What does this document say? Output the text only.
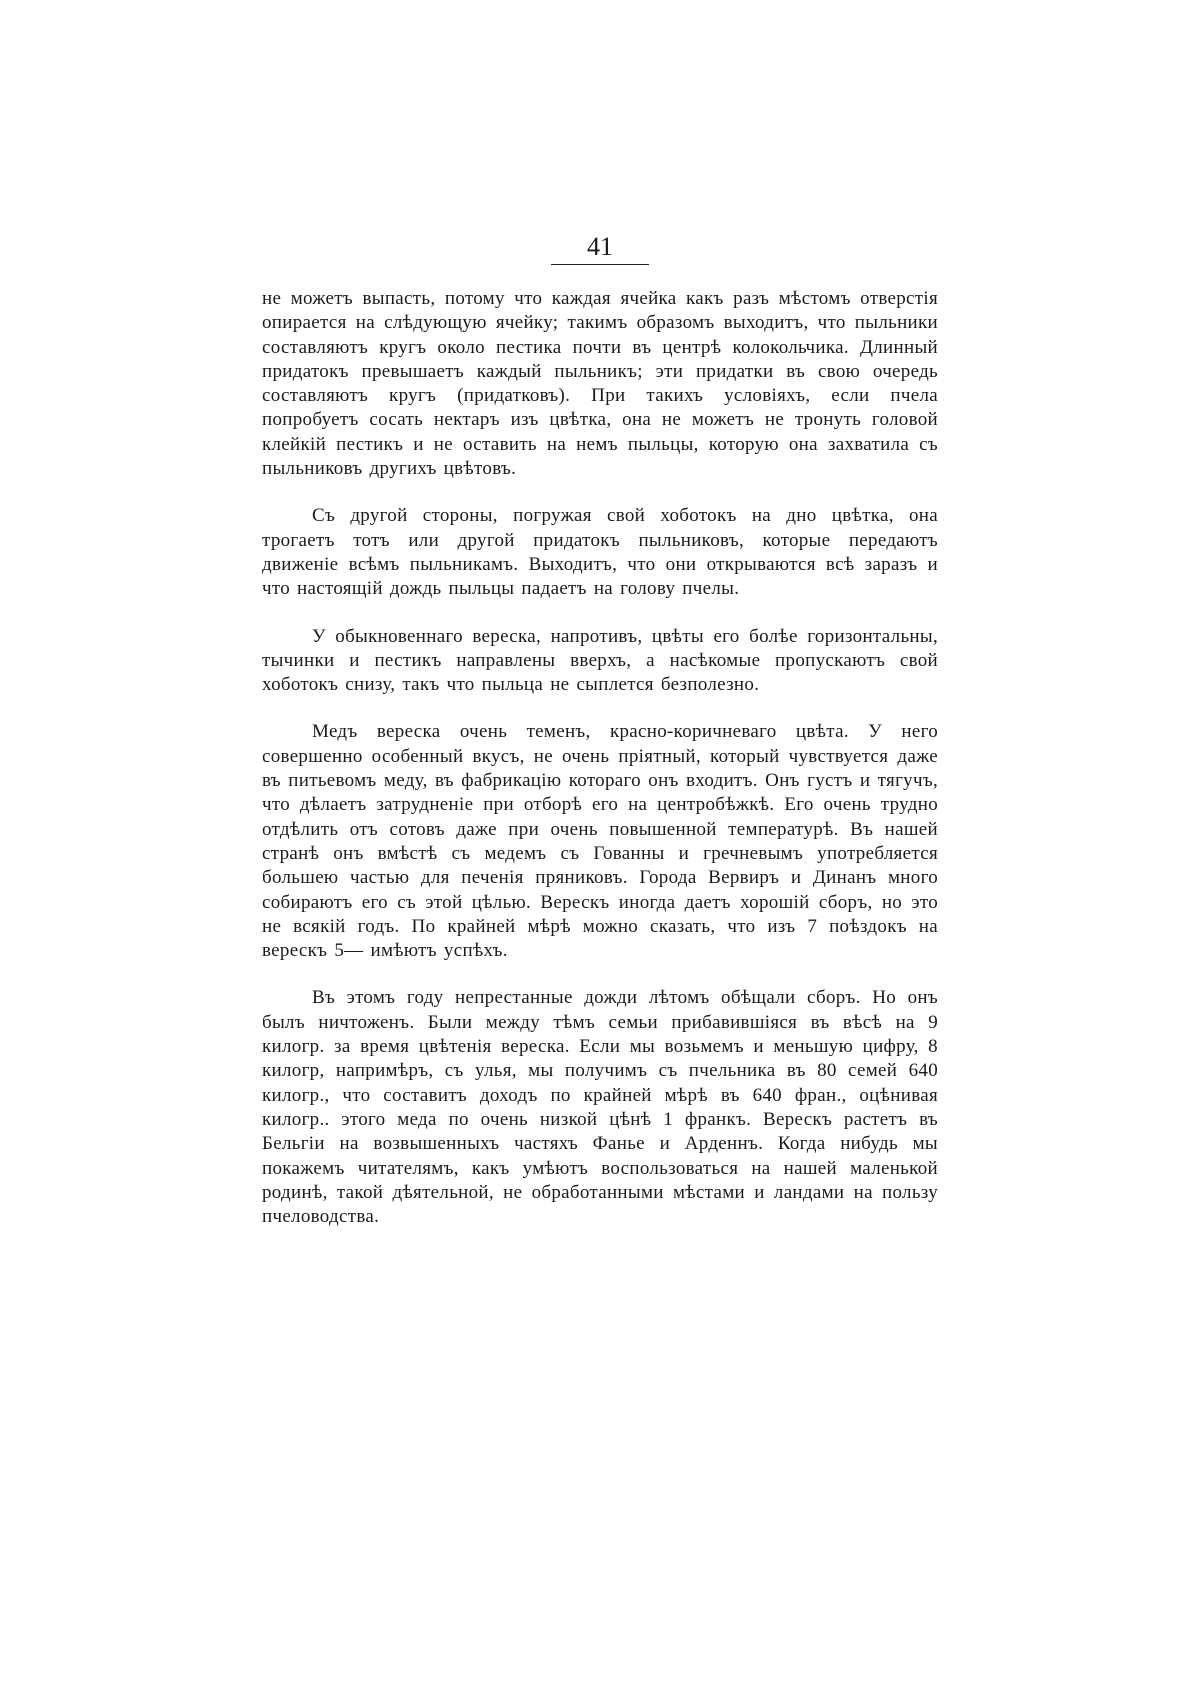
41

не можетъ выпасть, потому что каждая ячейка какъ разъ мѣстомъ отверстія опирается на слѣдующую ячейку; такимъ образомъ выходитъ, что пыльники составляютъ кругъ около пестика почти въ центрѣ колокольчика. Длинный придатокъ превышаетъ каждый пыльникъ; эти придатки въ свою очередь составляютъ кругъ (придатковъ). При такихъ условіяхъ, если пчела попробуетъ сосать нектаръ изъ цвѣтка, она не можетъ не тронуть головой клейкій пестикъ и не оставить на немъ пыльцы, которую она захватила съ пыльниковъ другихъ цвѣтовъ.

Съ другой стороны, погружая свой хоботокъ на дно цвѣтка, она трогаетъ тотъ или другой придатокъ пыльниковъ, которые передаютъ движеніе всѣмъ пыльникамъ. Выходитъ, что они открываются всѣ заразъ и что настоящій дождь пыльцы падаетъ на голову пчелы.

У обыкновеннаго вереска, напротивъ, цвѣты его болѣе горизонтальны, тычинки и пестикъ направлены вверхъ, а насѣкомые пропускаютъ свой хоботокъ снизу, такъ что пыльца не сыплется безполезно.

Медъ вереска очень теменъ, красно-коричневаго цвѣта. У него совершенно особенный вкусъ, не очень пріятный, который чувствуется даже въ питьевомъ меду, въ фабрикацію котораго онъ входитъ. Онъ густъ и тягучъ, что дѣлаетъ затрудненіе при отборѣ его на центробѣжкѣ. Его очень трудно отдѣлить отъ сотовъ даже при очень повышенной температурѣ. Въ нашей странѣ онъ вмѣстѣ съ медемъ съ Гованны и гречневымъ употребляется большею частью для печенія пряниковъ. Города Вервиръ и Динанъ много собираютъ его съ этой цѣлью. Верескъ иногда даетъ хорошій сборъ, но это не всякій годъ. По крайней мѣрѣ можно сказать, что изъ 7 поѣздокъ на верескъ 5— имѣютъ успѣхъ.

Въ этомъ году непрестанные дожди лѣтомъ обѣщали сборъ. Но онъ былъ ничтоженъ. Были между тѣмъ семьи прибавившіяся въ вѣсѣ на 9 килогр. за время цвѣтенія вереска. Если мы возьмемъ и меньшую цифру, 8 килогр, напримѣръ, съ улья, мы получимъ съ пчельника въ 80 семей 640 килогр., что составитъ доходъ по крайней мѣрѣ въ 640 фран., оцѣнивая килогр.. этого меда по очень низкой цѣнѣ 1 франкъ. Верескъ растетъ въ Бельгіи на возвышенныхъ частяхъ Фанье и Арденнъ. Когда нибудь мы покажемъ читателямъ, какъ умѣютъ воспользоваться на нашей маленькой родинѣ, такой дѣятельной, не обработанными мѣстами и ландами на пользу пчеловодства.
